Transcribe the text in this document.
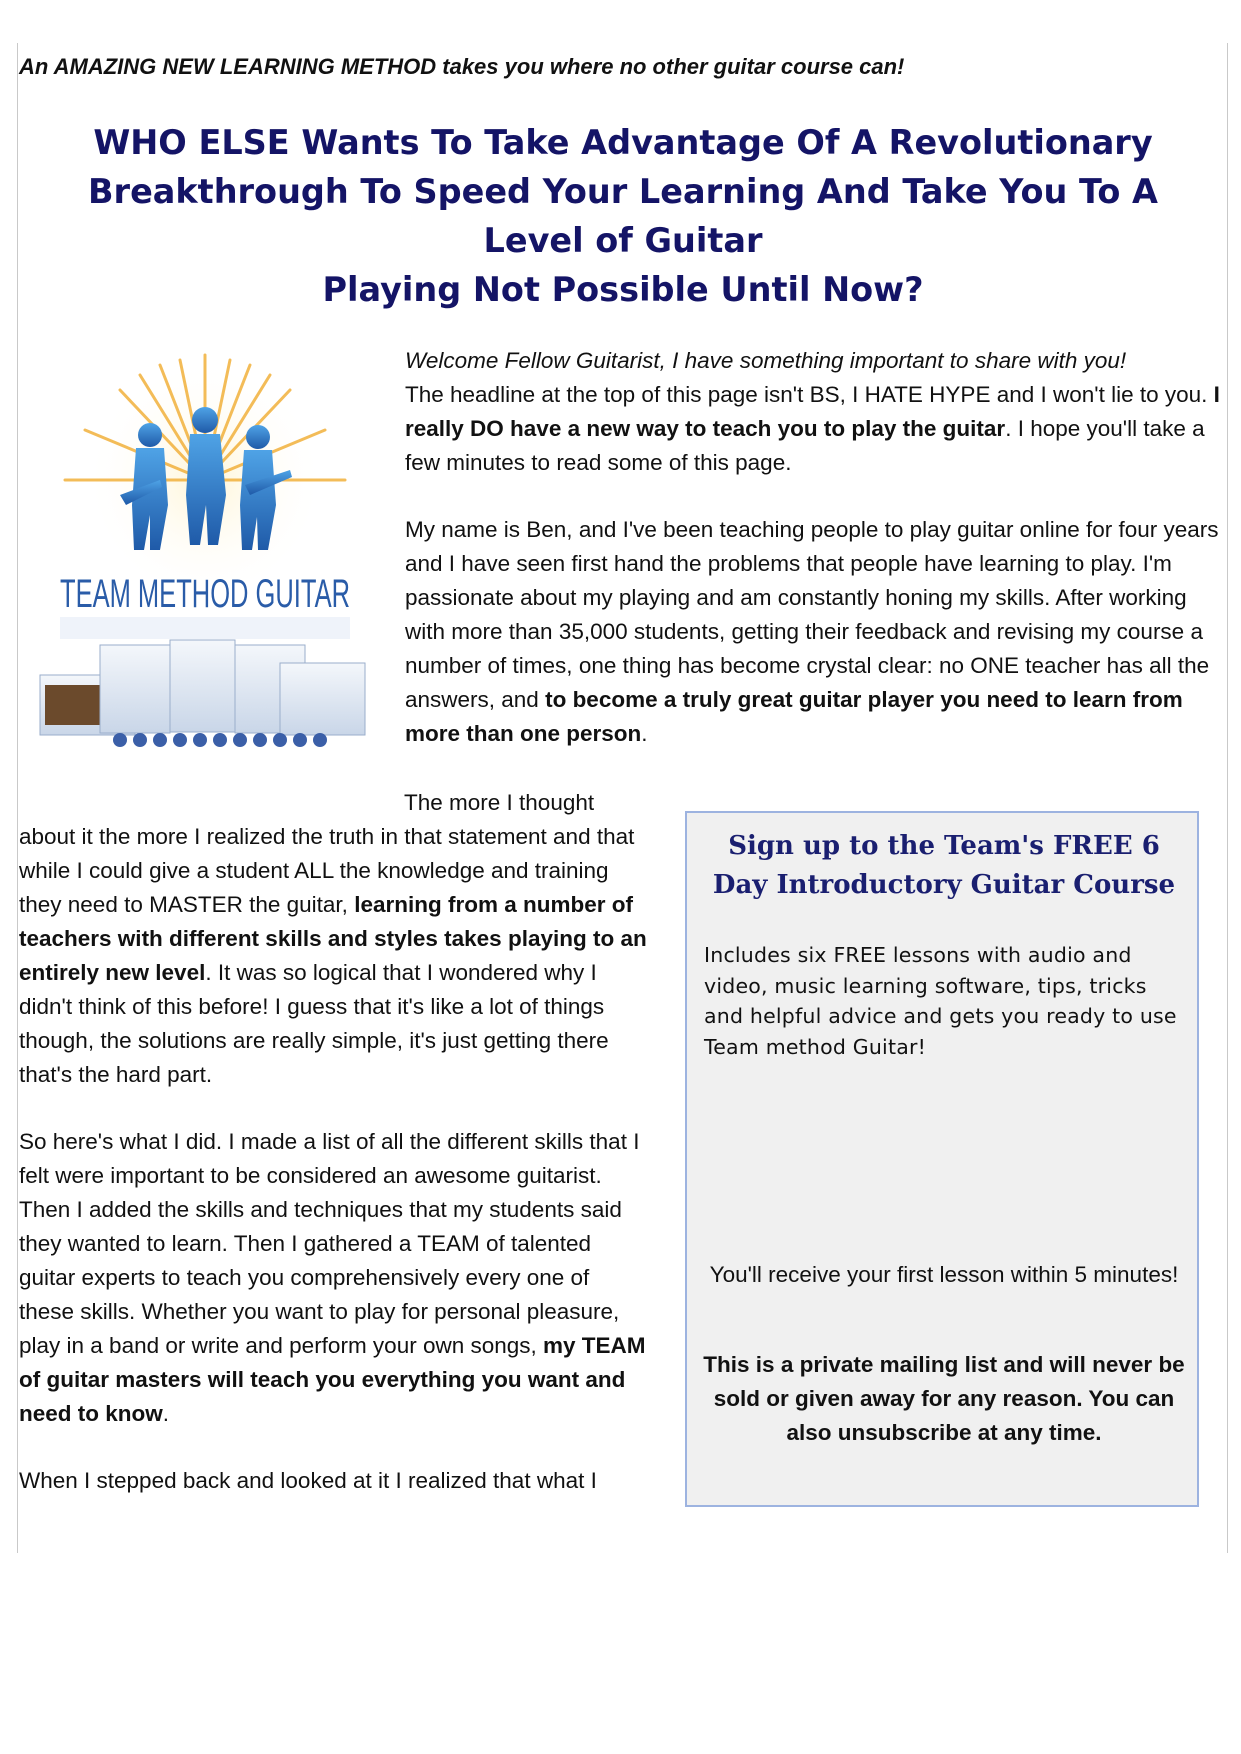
An AMAZING NEW LEARNING METHOD takes you where no other guitar course can!

WHO ELSE Wants To Take Advantage Of A Revolutionary
Breakthrough To Speed Your Learning And Take You To A
Level of Guitar
Playing Not Possible Until Now?
TEAM METHOD GUITAR

Welcome Fellow Guitarist, I have something important to share with you!
The headline at the top of this page isn't BS, I HATE HYPE and I won't lie to you. I really DO have a new way to teach you to play the guitar. I hope you'll take a few minutes to read some of this page.

My name is Ben, and I've been teaching people to play guitar online for four years and I have seen first hand the problems that people have learning to play. I'm passionate about my playing and am constantly honing my skills. After working with more than 35,000 students, getting their feedback and revising my course a number of times, one thing has become crystal clear: no ONE teacher has all the answers, and to become a truly great guitar player you need to learn from more than one person.

The more I thought
about it the more I realized the truth in that statement and that while I could give a student ALL the knowledge and training they need to MASTER the guitar, learning from a number of teachers with different skills and styles takes playing to an entirely new level. It was so logical that I wondered why I didn't think of this before! I guess that it's like a lot of things though, the solutions are really simple, it's just getting there that's the hard part.

So here's what I did. I made a list of all the different skills that I felt were important to be considered an awesome guitarist. Then I added the skills and techniques that my students said they wanted to learn. Then I gathered a TEAM of talented guitar experts to teach you comprehensively every one of these skills. Whether you want to play for personal pleasure, play in a band or write and perform your own songs, my TEAM of guitar masters will teach you everything you want and need to know.

When I stepped back and looked at it I realized that what I

Sign up to the Team's FREE 6 Day Introductory Guitar Course

Includes six FREE lessons with audio and video, music learning software, tips, tricks and helpful advice and gets you ready to use Team method Guitar!

You'll receive your first lesson within 5 minutes!

This is a private mailing list and will never be sold or given away for any reason. You can also unsubscribe at any time.
